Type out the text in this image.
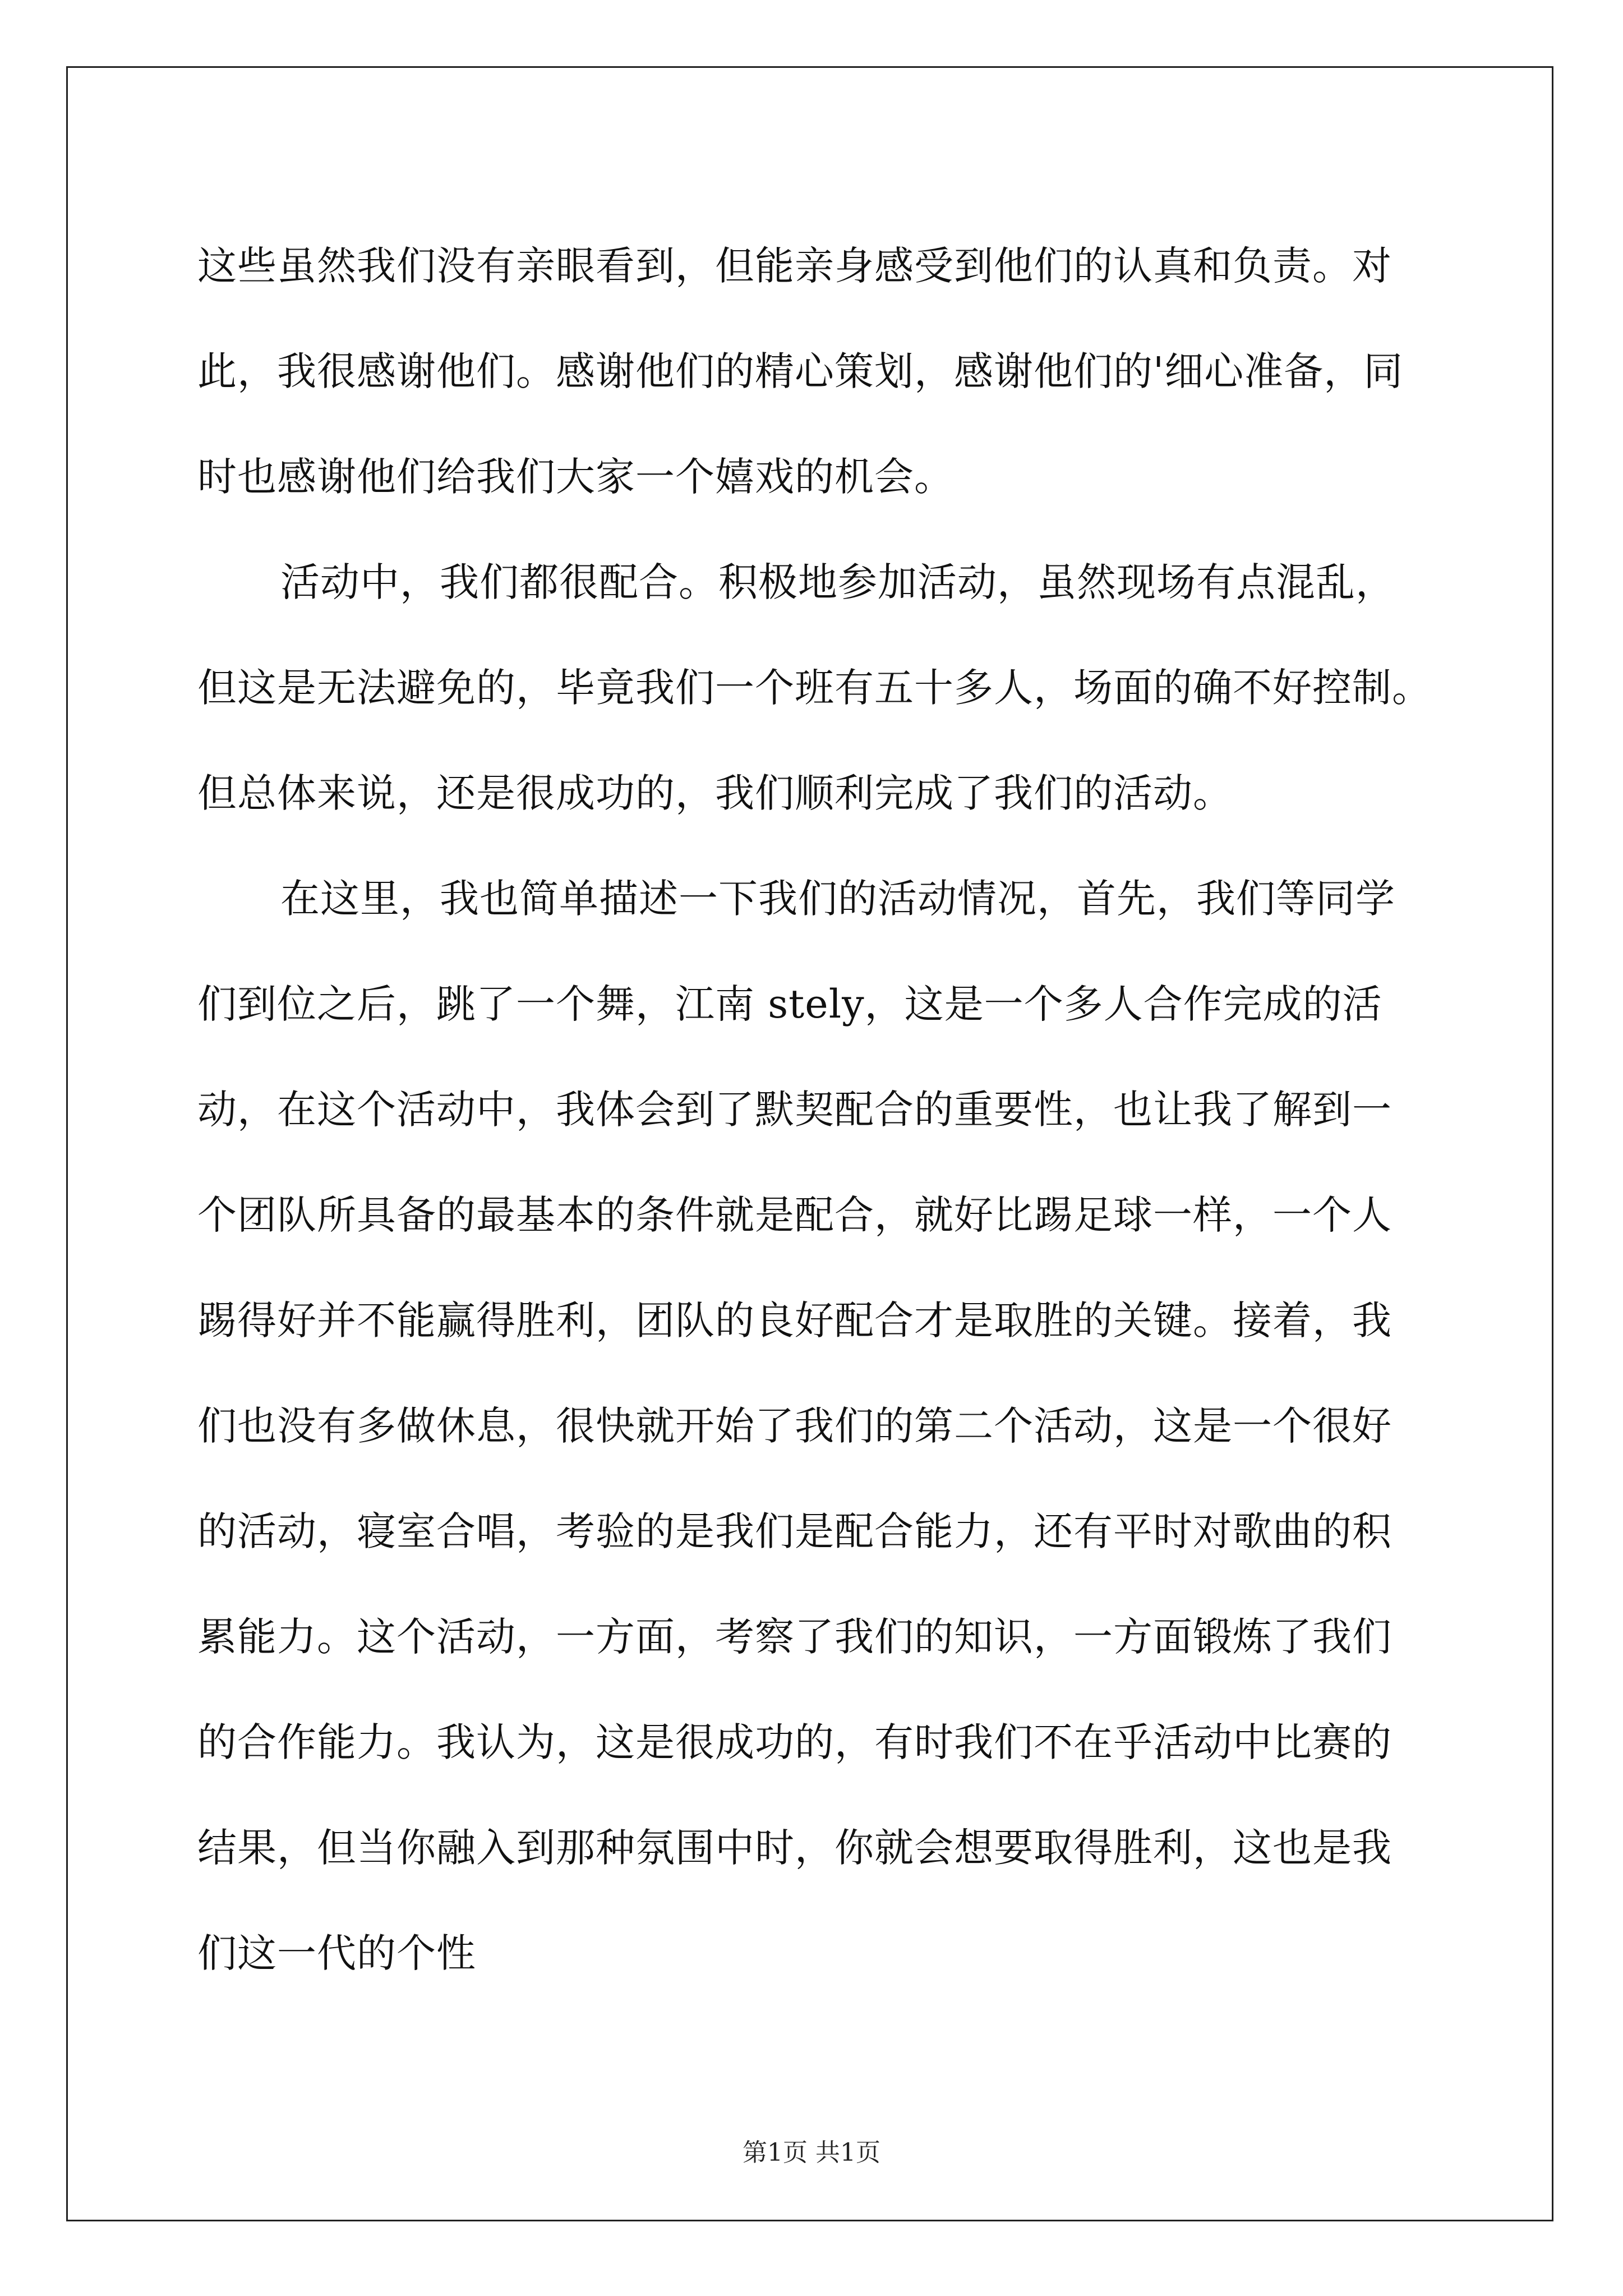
这些虽然我们没有亲眼看到，但能亲身感受到他们的认真和负责。对
此，我很感谢他们。感谢他们的精心策划，感谢他们的'细心准备，同
时也感谢他们给我们大家一个嬉戏的机会。
活动中，我们都很配合。积极地参加活动，虽然现场有点混乱，
但这是无法避免的，毕竟我们一个班有五十多人，场面的确不好控制。
但总体来说，还是很成功的，我们顺利完成了我们的活动。
在这里，我也简单描述一下我们的活动情况，首先，我们等同学
们到位之后，跳了一个舞，江南 stely，这是一个多人合作完成的活
动，在这个活动中，我体会到了默契配合的重要性，也让我了解到一
个团队所具备的最基本的条件就是配合，就好比踢足球一样，一个人
踢得好并不能赢得胜利，团队的良好配合才是取胜的关键。接着，我
们也没有多做休息，很快就开始了我们的第二个活动，这是一个很好
的活动，寝室合唱，考验的是我们是配合能力，还有平时对歌曲的积
累能力。这个活动，一方面，考察了我们的知识，一方面锻炼了我们
的合作能力。我认为，这是很成功的，有时我们不在乎活动中比赛的
结果，但当你融入到那种氛围中时，你就会想要取得胜利，这也是我
们这一代的个性
第1页 共1页
